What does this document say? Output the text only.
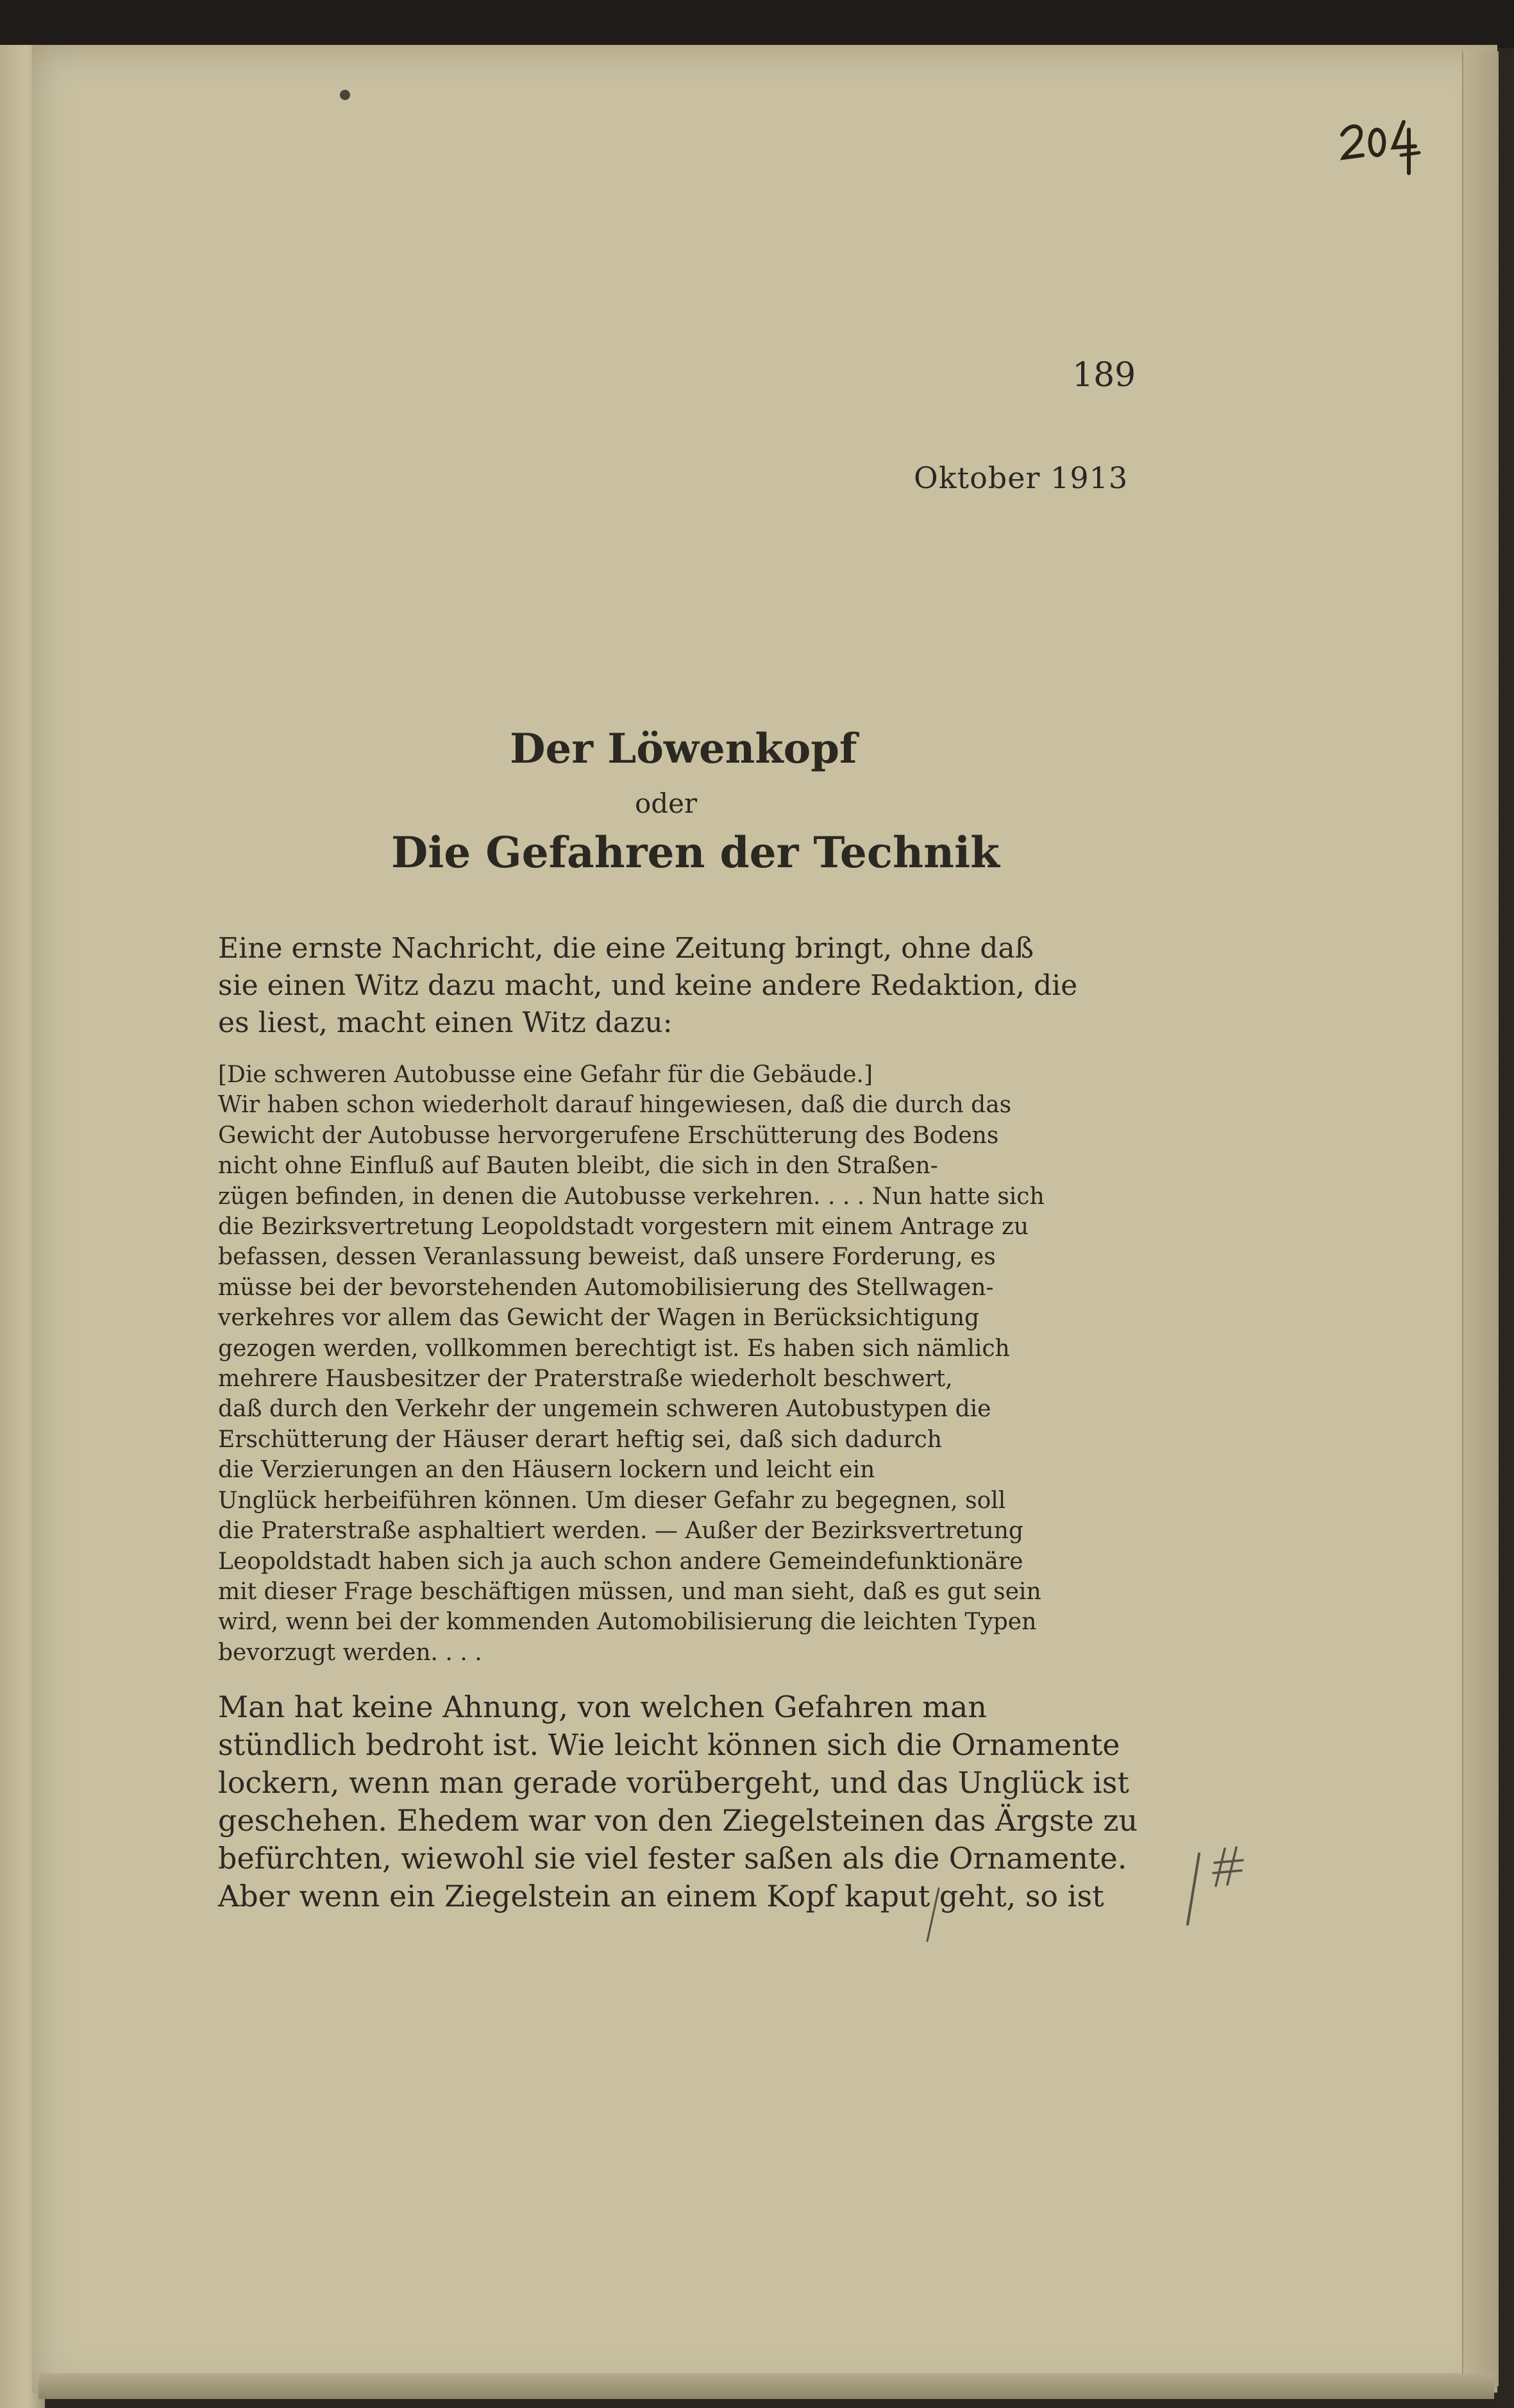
189
Oktober 1913
Der Löwenkopf
oder
Die Gefahren der Technik
Eine ernste Nachricht, die eine Zeitung bringt, ohne daß
sie einen Witz dazu macht, und keine andere Redaktion, die
es liest, macht einen Witz dazu:
[Die schweren Autobusse eine Gefahr für die Gebäude.]
Wir haben schon wiederholt darauf hingewiesen, daß die durch das
Gewicht der Autobusse hervorgerufene Erschütterung des Bodens
nicht ohne Einfluß auf Bauten bleibt, die sich in den Straßen-
zügen befinden, in denen die Autobusse verkehren. . . . Nun hatte sich
die Bezirksvertretung Leopoldstadt vorgestern mit einem Antrage zu
befassen, dessen Veranlassung beweist, daß unsere Forderung, es
müsse bei der bevorstehenden Automobilisierung des Stellwagen-
verkehres vor allem das Gewicht der Wagen in Berücksichtigung
gezogen werden, vollkommen berechtigt ist. Es haben sich nämlich
mehrere Hausbesitzer der Praterstraße wiederholt beschwert,
daß durch den Verkehr der ungemein schweren Autobustypen die
Erschütterung der Häuser derart heftig sei, daß sich dadurch
die Verzierungen an den Häusern lockern und leicht ein
Unglück herbeiführen können. Um dieser Gefahr zu begegnen, soll
die Praterstraße asphaltiert werden. — Außer der Bezirksvertretung
Leopoldstadt haben sich ja auch schon andere Gemeindefunktionäre
mit dieser Frage beschäftigen müssen, und man sieht, daß es gut sein
wird, wenn bei der kommenden Automobilisierung die leichten Typen
bevorzugt werden. . . .
Man hat keine Ahnung, von welchen Gefahren man
stündlich bedroht ist. Wie leicht können sich die Ornamente
lockern, wenn man gerade vorübergeht, und das Unglück ist
geschehen. Ehedem war von den Ziegelsteinen das Ärgste zu
befürchten, wiewohl sie viel fester saßen als die Ornamente.
Aber wenn ein Ziegelstein an einem Kopf kaput geht, so ist
